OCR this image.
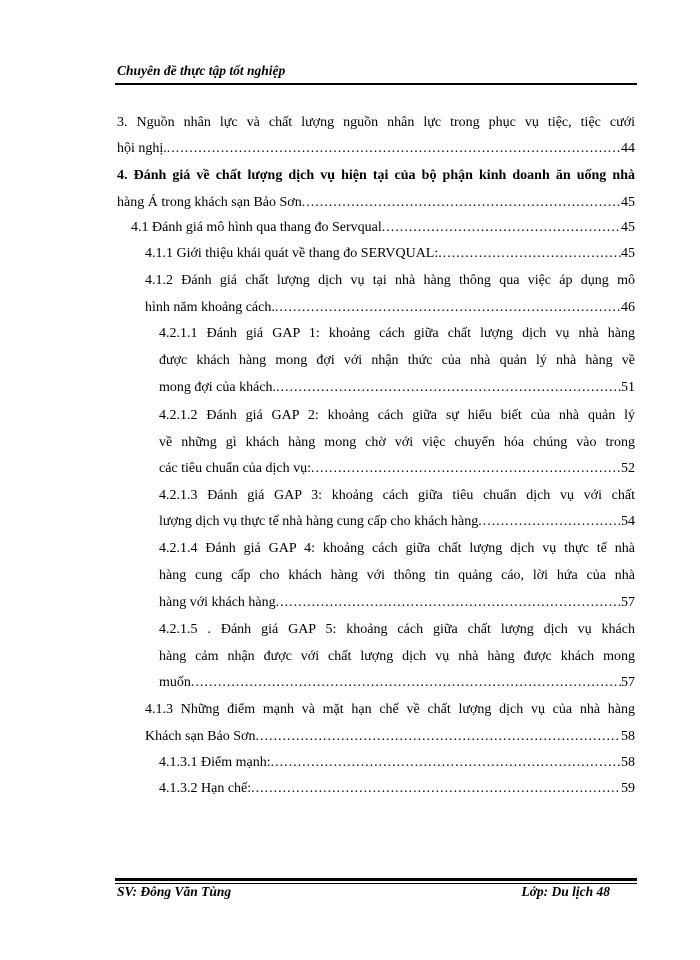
Chuyên đề thực tập tốt nghiệp
3. Nguồn nhân lực và chất lượng nguồn nhân lực trong phục vụ tiệc, tiệc cưới
hội nghị. .....	44
4. Đánh giá về chất lượng dịch vụ hiện tại của bộ phận kinh doanh ăn uống nhà
hàng Á trong khách sạn Bảo Sơn .....	45
4.1 Đánh giá mô hình qua thang đo Servqual .....	45
4.1.1 Giới thiệu khái quát về thang đo SERVQUAL: .....	45
4.1.2 Đánh giá chất lượng dịch vụ tại nhà hàng thông qua việc áp dụng mô
hình năm khoảng cách. .....	46
4.2.1.1 Đánh giá GAP 1: khoảng cách giữa chất lượng dịch vụ nhà hàng
được khách hàng mong đợi với nhận thức của nhà quản lý nhà hàng về
mong đợi của khách. .....	51
4.2.1.2 Đánh giá GAP 2: khoảng cách giữa sự hiểu biết của nhà quản lý
về những gì khách hàng mong chờ với việc chuyển hóa chúng vào trong
các tiêu chuẩn của dịch vụ: .....	52
4.2.1.3 Đánh giá GAP 3: khoảng cách giữa tiêu chuẩn dịch vụ với chất
lượng dịch vụ thực tế nhà hàng cung cấp cho khách hàng .....	54
4.2.1.4 Đánh giá GAP 4: khoảng cách giữa chất lượng dịch vụ thực tế nhà
hàng cung cấp cho khách hàng với thông tin quảng cáo, lời hứa của nhà
hàng với khách hàng .....	57
4.2.1.5 . Đánh giá GAP 5: khoảng cách giữa chất lượng dịch vụ khách
hàng cảm nhận được với chất lượng dịch vụ nhà hàng được khách mong
muốn .....	57
4.1.3 Những điểm mạnh và mặt hạn chế về chất lượng dịch vụ của nhà hàng
Khách sạn Bảo Sơn .....	58
4.1.3.1 Điểm mạnh: .....	58
4.1.3.2 Hạn chế: .....	59
SV: Đông Văn Tùng	Lớp: Du lịch 48
